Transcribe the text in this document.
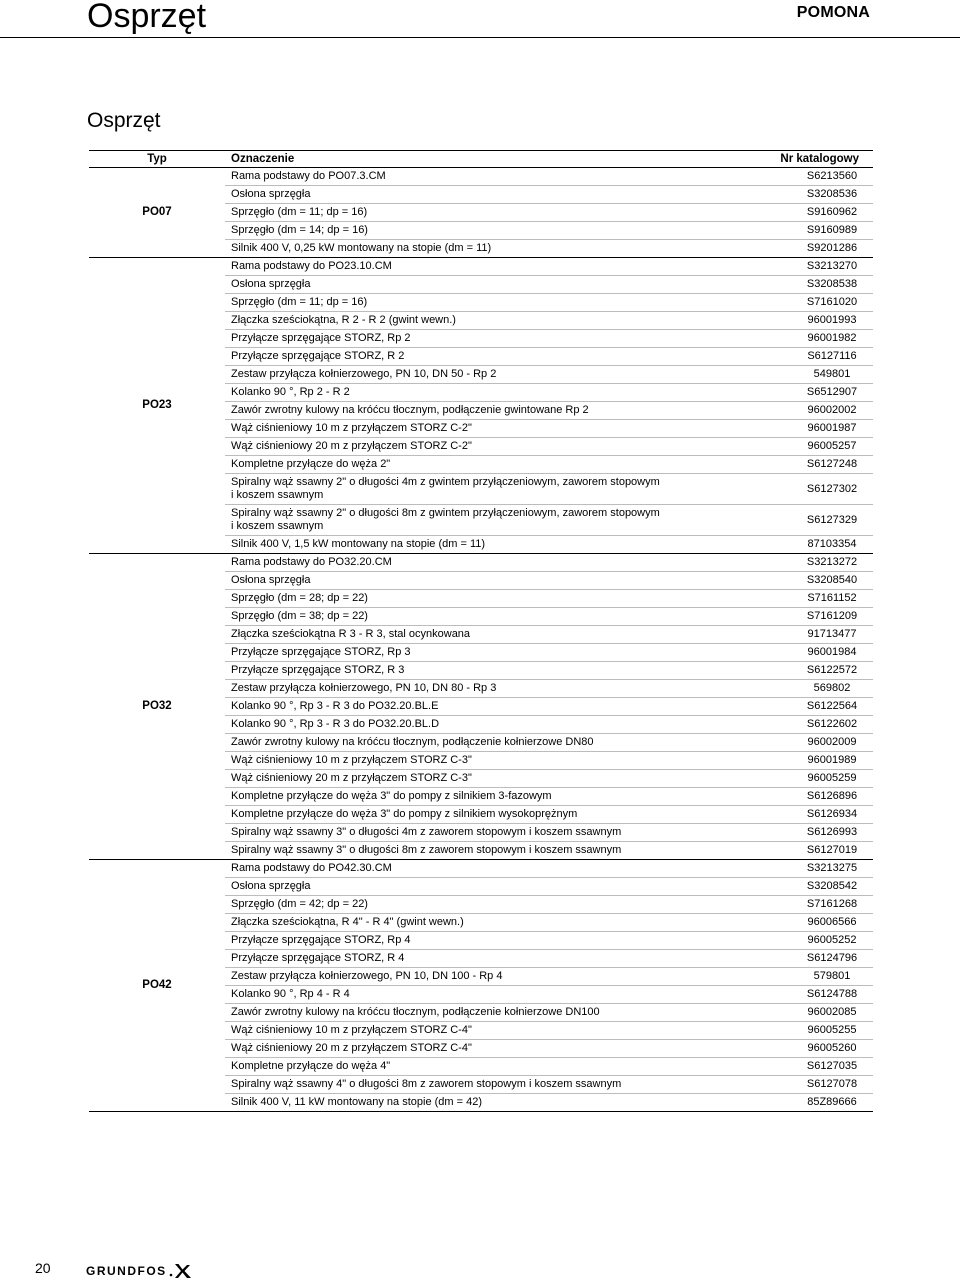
Osprzęt	POMONA
Osprzęt
Typ	Oznaczenie	Nr katalogowy
PO07	Rama podstawy do PO07.3.CM	S6213560
	Osłona sprzęgła	S3208536
	Sprzęgło (dm = 11; dp = 16)	S9160962
	Sprzęgło (dm = 14; dp = 16)	S9160989
	Silnik 400 V, 0,25 kW montowany na stopie (dm = 11)	S9201286
PO23	Rama podstawy do PO23.10.CM	S3213270
	Osłona sprzęgła	S3208538
	Sprzęgło (dm = 11; dp = 16)	S7161020
	Złączka sześciokątna, R 2 - R 2 (gwint wewn.)	96001993
	Przyłącze sprzęgające STORZ, Rp 2	96001982
	Przyłącze sprzęgające STORZ, R 2	S6127116
	Zestaw przyłącza kołnierzowego, PN 10, DN 50 - Rp 2	549801
	Kolanko 90 °, Rp 2 - R 2	S6512907
	Zawór zwrotny kulowy na króćcu tłocznym, podłączenie gwintowane Rp 2	96002002
	Wąż ciśnieniowy 10 m z przyłączem STORZ C-2"	96001987
	Wąż ciśnieniowy 20 m z przyłączem STORZ C-2"	96005257
	Kompletne przyłącze do węża 2"	S6127248
	Spiralny wąż ssawny 2" o długości 4m z gwintem przyłączeniowym, zaworem stopowym
i koszem ssawnym	S6127302
	Spiralny wąż ssawny 2" o długości 8m z gwintem przyłączeniowym, zaworem stopowym
i koszem ssawnym	S6127329
	Silnik 400 V, 1,5 kW montowany na stopie (dm = 11)	87103354
PO32	Rama podstawy do PO32.20.CM	S3213272
	Osłona sprzęgła	S3208540
	Sprzęgło (dm = 28; dp = 22)	S7161152
	Sprzęgło (dm = 38; dp = 22)	S7161209
	Złączka sześciokątna R 3 - R 3, stal ocynkowana	91713477
	Przyłącze sprzęgające STORZ, Rp 3	96001984
	Przyłącze sprzęgające STORZ, R 3	S6122572
	Zestaw przyłącza kołnierzowego, PN 10, DN 80 - Rp 3	569802
	Kolanko 90 °, Rp 3 - R 3 do PO32.20.BL.E	S6122564
	Kolanko 90 °, Rp 3 - R 3 do PO32.20.BL.D	S6122602
	Zawór zwrotny kulowy na króćcu tłocznym, podłączenie kołnierzowe DN80	96002009
	Wąż ciśnieniowy 10 m z przyłączem STORZ C-3"	96001989
	Wąż ciśnieniowy 20 m z przyłączem STORZ C-3"	96005259
	Kompletne przyłącze do węża 3" do pompy z silnikiem 3-fazowym	S6126896
	Kompletne przyłącze do węża 3" do pompy z silnikiem wysokoprężnym	S6126934
	Spiralny wąż ssawny 3" o długości 4m z zaworem stopowym i koszem ssawnym	S6126993
	Spiralny wąż ssawny 3" o długości 8m z zaworem stopowym i koszem ssawnym	S6127019
PO42	Rama podstawy do PO42.30.CM	S3213275
	Osłona sprzęgła	S3208542
	Sprzęgło (dm = 42; dp = 22)	S7161268
	Złączka sześciokątna, R 4" - R 4" (gwint wewn.)	96006566
	Przyłącze sprzęgające STORZ, Rp 4	96005252
	Przyłącze sprzęgające STORZ, R 4	S6124796
	Zestaw przyłącza kołnierzowego, PN 10, DN 100 - Rp 4	579801
	Kolanko 90 °, Rp 4 - R 4	S6124788
	Zawór zwrotny kulowy na króćcu tłocznym, podłączenie kołnierzowe DN100	96002085
	Wąż ciśnieniowy 10 m z przyłączem STORZ C-4"	96005255
	Wąż ciśnieniowy 20 m z przyłączem STORZ C-4"	96005260
	Kompletne przyłącze do węża 4"	S6127035
	Spiralny wąż ssawny 4" o długości 8m z zaworem stopowym i koszem ssawnym	S6127078
	Silnik 400 V, 11 kW montowany na stopie (dm = 42)	85Z89666
20	GRUNDFOS
